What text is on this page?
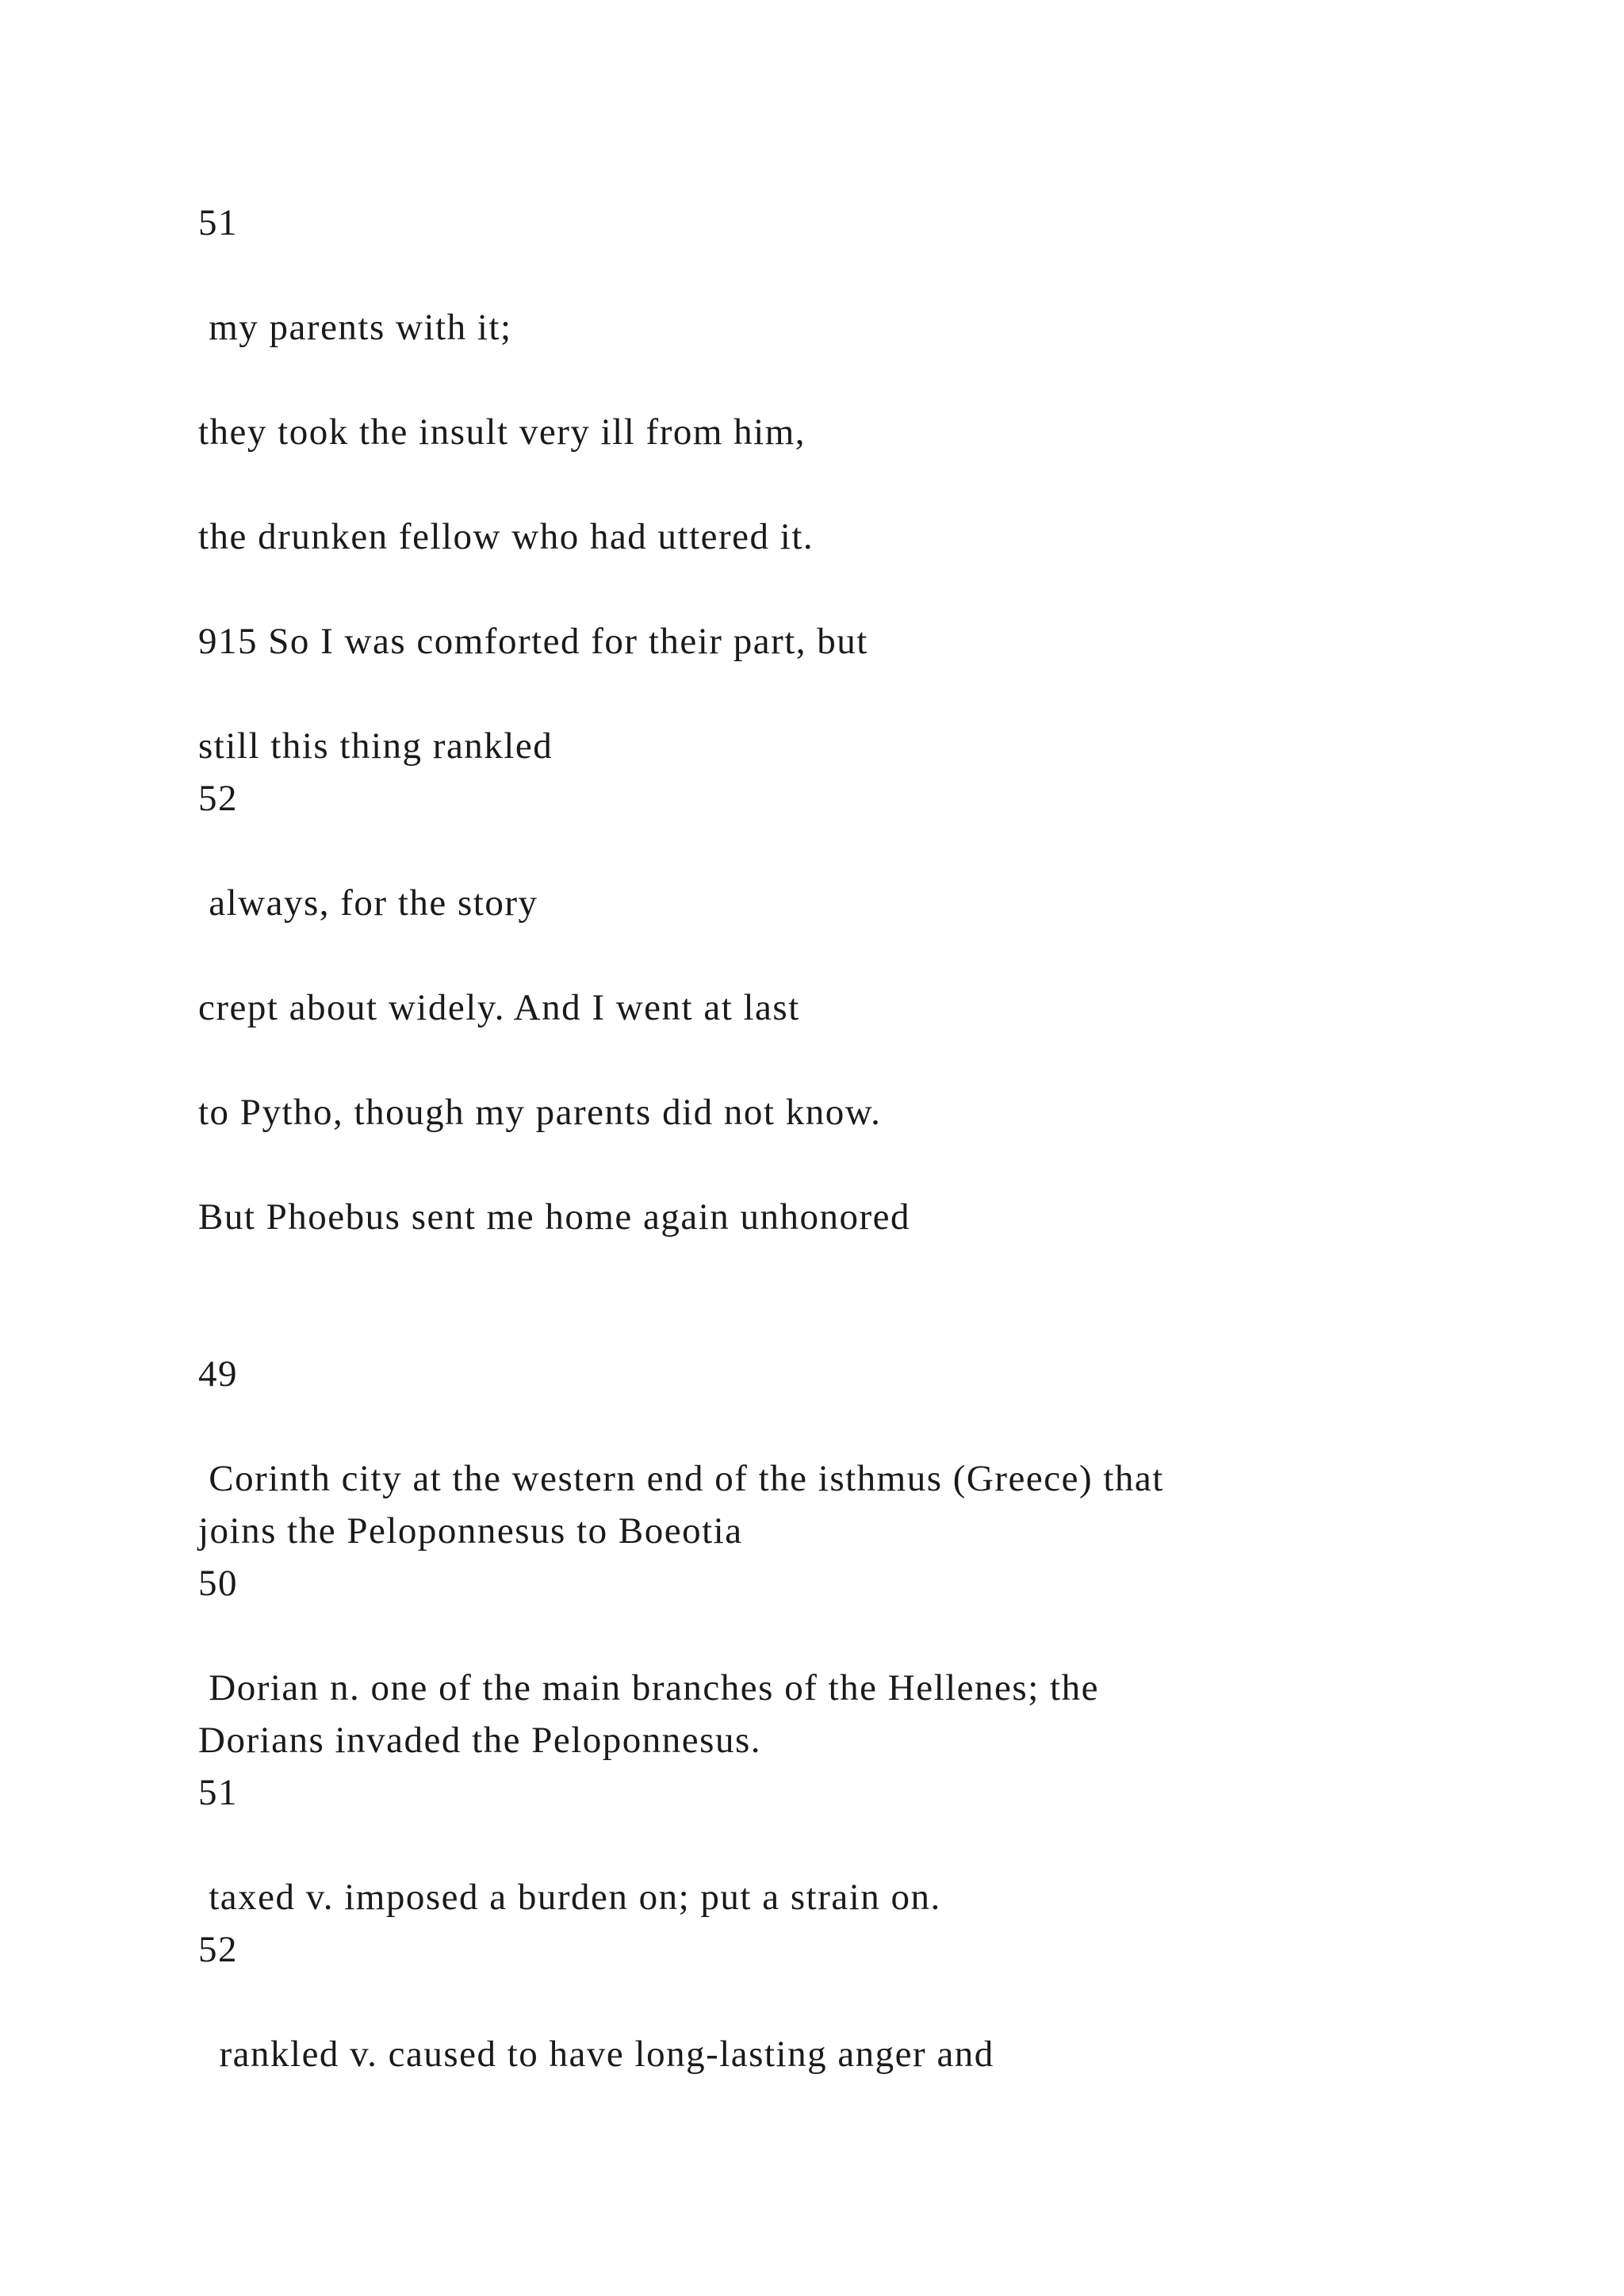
51

my parents with it;

they took the insult very ill from him,

the drunken fellow who had uttered it.

915 So I was comforted for their part, but

still this thing rankled

52

always, for the story

crept about widely. And I went at last

to Pytho, though my parents did not know.

But Phoebus sent me home again unhonored

49

Corinth city at the western end of the isthmus (Greece) that

joins the Peloponnesus to Boeotia

50

Dorian n. one of the main branches of the Hellenes; the

Dorians invaded the Peloponnesus.

51

taxed v. imposed a burden on; put a strain on.

52

rankled v. caused to have long-lasting anger and
